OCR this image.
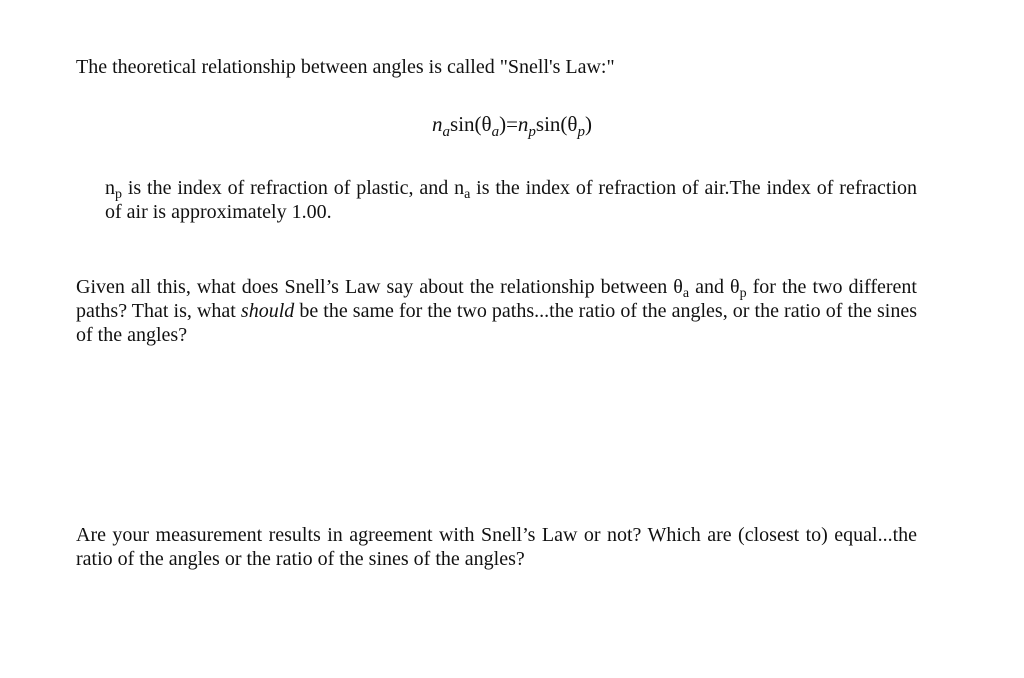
The theoretical relationship between angles is called "Snell's Law:"

$n_a\sin(\theta_a)=n_p\sin(\theta_p)$

$n_p$ is the index of refraction of plastic, and $n_a$ is the index of refraction of air.The index of refraction of air is approximately 1.00.

Given all this, what does Snell’s Law say about the relationship between $\theta_a$ and $\theta_p$ for the two different paths? That is, what should be the same for the two paths...the ratio of the angles, or the ratio of the sines of the angles?

Are your measurement results in agreement with Snell’s Law or not? Which are (closest to) equal...the ratio of the angles or the ratio of the sines of the angles?
